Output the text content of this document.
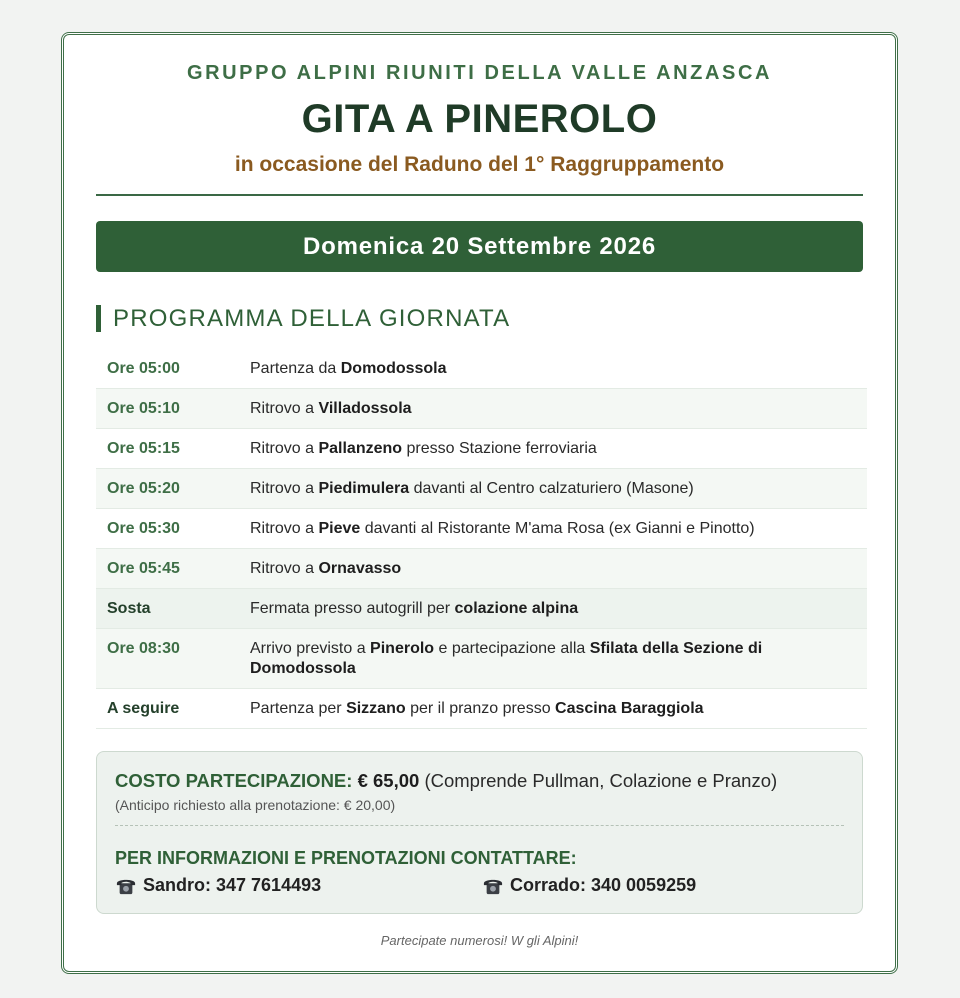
GRUPPO ALPINI RIUNITI DELLA VALLE ANZASCA
GITA A PINEROLO
in occasione del Raduno del 1° Raggruppamento
Domenica 20 Settembre 2026
PROGRAMMA DELLA GIORNATA
Ore 05:00	Partenza da Domodossola
Ore 05:10	Ritrovo a Villadossola
Ore 05:15	Ritrovo a Pallanzeno presso Stazione ferroviaria
Ore 05:20	Ritrovo a Piedimulera davanti al Centro calzaturiero (Masone)
Ore 05:30	Ritrovo a Pieve davanti al Ristorante M'ama Rosa (ex Gianni e Pinotto)
Ore 05:45	Ritrovo a Ornavasso
Sosta	Fermata presso autogrill per colazione alpina
Ore 08:30	Arrivo previsto a Pinerolo e partecipazione alla Sfilata della Sezione di Domodossola
A seguire	Partenza per Sizzano per il pranzo presso Cascina Baraggiola
COSTO PARTECIPAZIONE: € 65,00 (Comprende Pullman, Colazione e Pranzo)
(Anticipo richiesto alla prenotazione: € 20,00)
PER INFORMAZIONI E PRENOTAZIONI CONTATTARE:
Sandro: 347 7614493	Corrado: 340 0059259
Partecipate numerosi! W gli Alpini!
